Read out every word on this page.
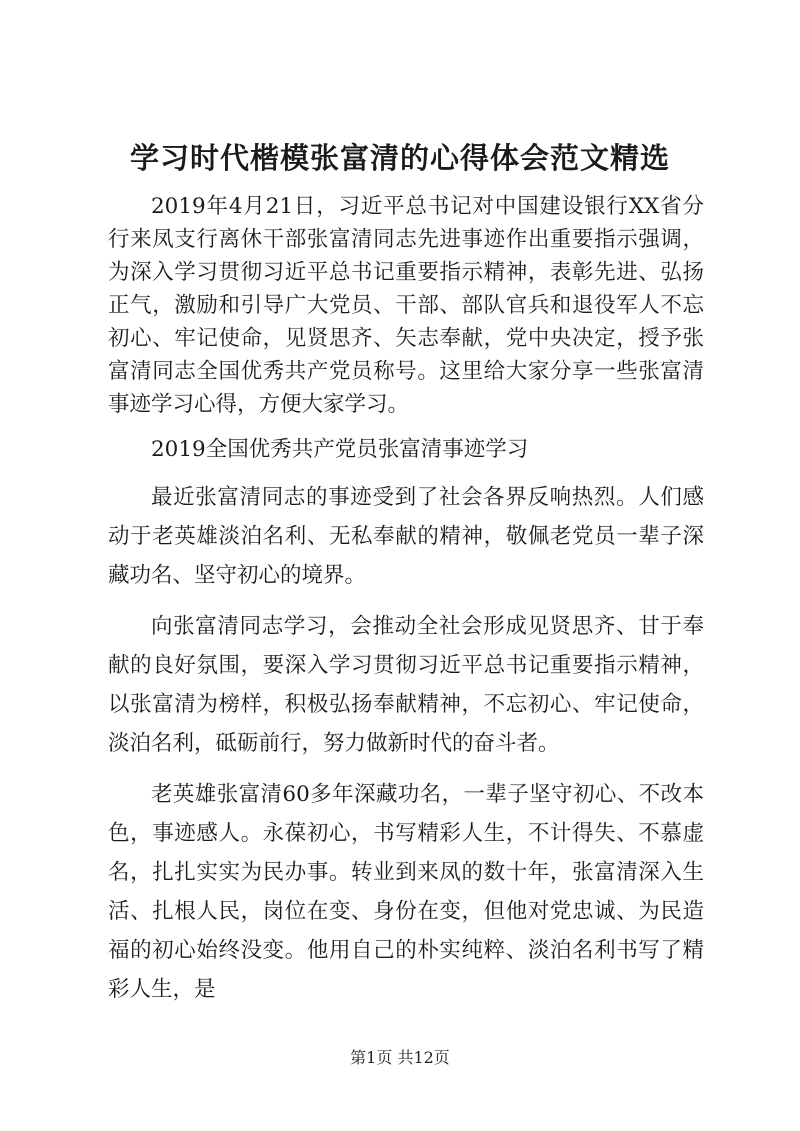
学习时代楷模张富清的心得体会范文精选

2019年4月21日，习近平总书记对中国建设银行XX省分行来凤支行离休干部张富清同志先进事迹作出重要指示强调，为深入学习贯彻习近平总书记重要指示精神，表彰先进、弘扬正气，激励和引导广大党员、干部、部队官兵和退役军人不忘初心、牢记使命，见贤思齐、矢志奉献，党中央决定，授予张富清同志全国优秀共产党员称号。这里给大家分享一些张富清事迹学习心得，方便大家学习。

2019全国优秀共产党员张富清事迹学习

最近张富清同志的事迹受到了社会各界反响热烈。人们感动于老英雄淡泊名利、无私奉献的精神，敬佩老党员一辈子深藏功名、坚守初心的境界。

向张富清同志学习，会推动全社会形成见贤思齐、甘于奉献的良好氛围，要深入学习贯彻习近平总书记重要指示精神，以张富清为榜样，积极弘扬奉献精神，不忘初心、牢记使命，淡泊名利，砥砺前行，努力做新时代的奋斗者。

老英雄张富清60多年深藏功名，一辈子坚守初心、不改本色，事迹感人。永葆初心，书写精彩人生，不计得失、不慕虚名，扎扎实实为民办事。转业到来凤的数十年，张富清深入生活、扎根人民，岗位在变、身份在变，但他对党忠诚、为民造福的初心始终没变。他用自己的朴实纯粹、淡泊名利书写了精彩人生，是

第1页 共12页
